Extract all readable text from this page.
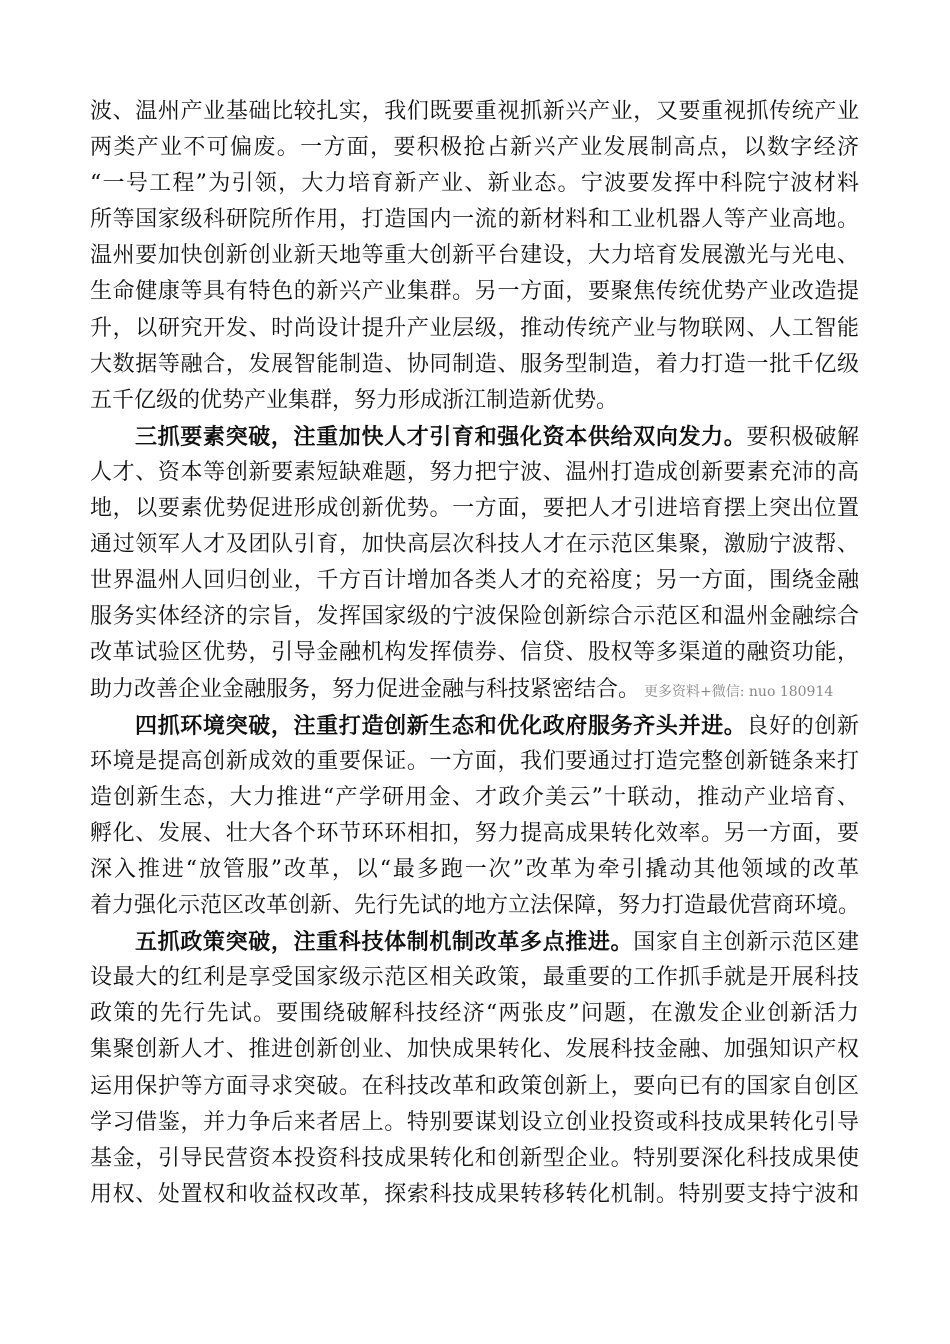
波、温州产业基础比较扎实，我们既要重视抓新兴产业，又要重视抓传统产业
两类产业不可偏废。一方面，要积极抢占新兴产业发展制高点，以数字经济
“一号工程”为引领，大力培育新产业、新业态。宁波要发挥中科院宁波材料
所等国家级科研院所作用，打造国内一流的新材料和工业机器人等产业高地。
温州要加快创新创业新天地等重大创新平台建设，大力培育发展激光与光电、
生命健康等具有特色的新兴产业集群。另一方面，要聚焦传统优势产业改造提
升，以研究开发、时尚设计提升产业层级，推动传统产业与物联网、人工智能
大数据等融合，发展智能制造、协同制造、服务型制造，着力打造一批千亿级
五千亿级的优势产业集群，努力形成浙江制造新优势。
三抓要素突破，注重加快人才引育和强化资本供给双向发力。要积极破解
人才、资本等创新要素短缺难题，努力把宁波、温州打造成创新要素充沛的高
地，以要素优势促进形成创新优势。一方面，要把人才引进培育摆上突出位置
通过领军人才及团队引育，加快高层次科技人才在示范区集聚，激励宁波帮、
世界温州人回归创业，千方百计增加各类人才的充裕度；另一方面，围绕金融
服务实体经济的宗旨，发挥国家级的宁波保险创新综合示范区和温州金融综合
改革试验区优势，引导金融机构发挥债券、信贷、股权等多渠道的融资功能，
助力改善企业金融服务，努力促进金融与科技紧密结合。 更多资料+微信: nuo 180914
四抓环境突破，注重打造创新生态和优化政府服务齐头并进。良好的创新
环境是提高创新成效的重要保证。一方面，我们要通过打造完整创新链条来打
造创新生态，大力推进“产学研用金、才政介美云”十联动，推动产业培育、
孵化、发展、壮大各个环节环环相扣，努力提高成果转化效率。另一方面，要
深入推进“放管服”改革，以“最多跑一次”改革为牵引撬动其他领域的改革
着力强化示范区改革创新、先行先试的地方立法保障，努力打造最优营商环境。
五抓政策突破，注重科技体制机制改革多点推进。国家自主创新示范区建
设最大的红利是享受国家级示范区相关政策，最重要的工作抓手就是开展科技
政策的先行先试。要围绕破解科技经济“两张皮”问题，在激发企业创新活力
集聚创新人才、推进创新创业、加快成果转化、发展科技金融、加强知识产权
运用保护等方面寻求突破。在科技改革和政策创新上，要向已有的国家自创区
学习借鉴，并力争后来者居上。特别要谋划设立创业投资或科技成果转化引导
基金，引导民营资本投资科技成果转化和创新型企业。特别要深化科技成果使
用权、处置权和收益权改革，探索科技成果转移转化机制。特别要支持宁波和
